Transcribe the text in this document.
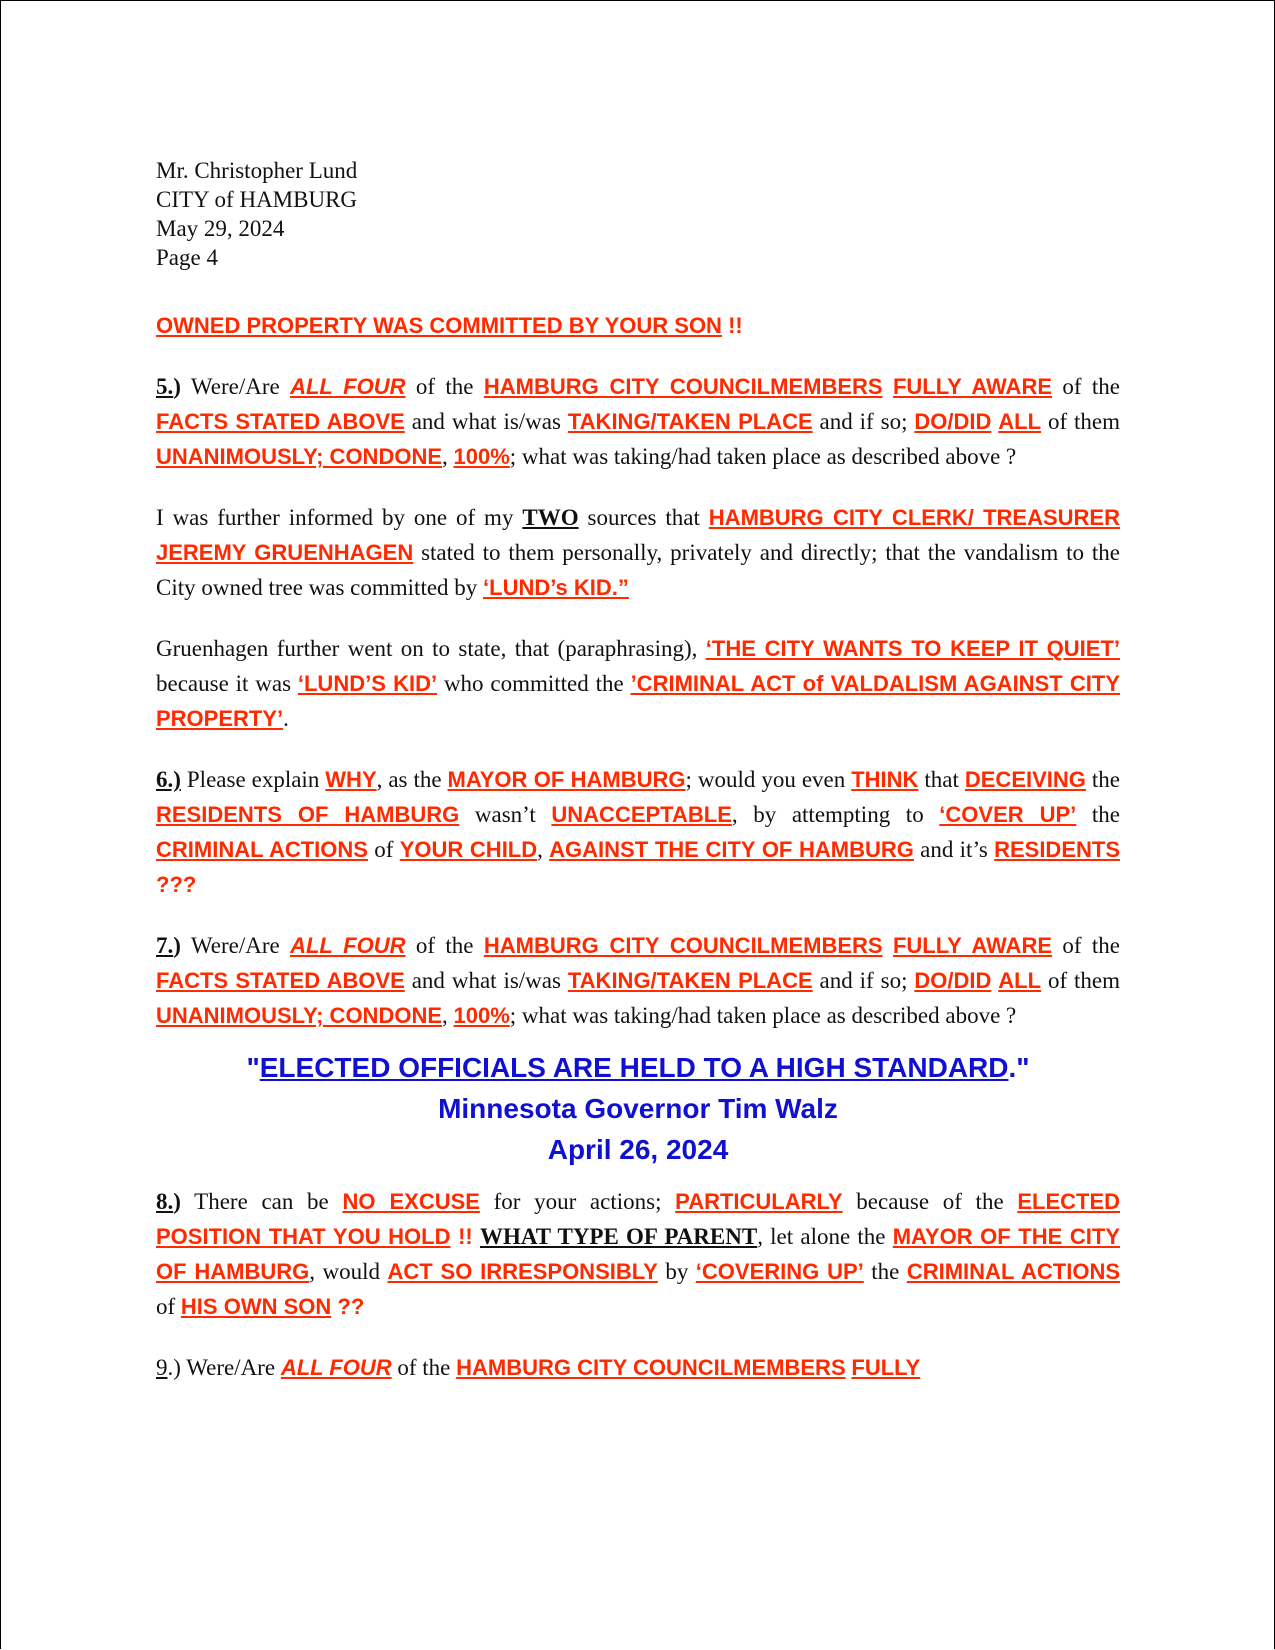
Mr. Christopher Lund
CITY of HAMBURG
May 29, 2024
Page 4

OWNED PROPERTY WAS COMMITTED BY YOUR SON !!

5.) Were/Are ALL FOUR of the HAMBURG CITY COUNCILMEMBERS FULLY AWARE of the FACTS STATED ABOVE and what is/was TAKING/TAKEN PLACE and if so; DO/DID ALL of them UNANIMOUSLY; CONDONE, 100%; what was taking/had taken place as described above ?

I was further informed by one of my TWO sources that HAMBURG CITY CLERK/ TREASURER JEREMY GRUENHAGEN stated to them personally, privately and directly; that the vandalism to the City owned tree was committed by ‘LUND’s KID.”

Gruenhagen further went on to state, that (paraphrasing), ‘THE CITY WANTS TO KEEP IT QUIET’ because it was ‘LUND’S KID’ who committed the ’CRIMINAL ACT of VALDALISM AGAINST CITY PROPERTY’.

6.) Please explain WHY, as the MAYOR OF HAMBURG; would you even THINK that DECEIVING the RESIDENTS OF HAMBURG wasn’t UNACCEPTABLE, by attempting to ‘COVER UP’ the CRIMINAL ACTIONS of YOUR CHILD, AGAINST THE CITY OF HAMBURG and it’s RESIDENTS ???

7.) Were/Are ALL FOUR of the HAMBURG CITY COUNCILMEMBERS FULLY AWARE of the FACTS STATED ABOVE and what is/was TAKING/TAKEN PLACE and if so; DO/DID ALL of them UNANIMOUSLY; CONDONE, 100%; what was taking/had taken place as described above ?

"ELECTED OFFICIALS ARE HELD TO A HIGH STANDARD."
Minnesota Governor Tim Walz
April 26, 2024

8.) There can be NO EXCUSE for your actions; PARTICULARLY because of the ELECTED POSITION THAT YOU HOLD !! WHAT TYPE OF PARENT, let alone the MAYOR OF THE CITY OF HAMBURG, would ACT SO IRRESPONSIBLY by ‘COVERING UP’ the CRIMINAL ACTIONS of HIS OWN SON ??

9.) Were/Are ALL FOUR of the HAMBURG CITY COUNCILMEMBERS FULLY
